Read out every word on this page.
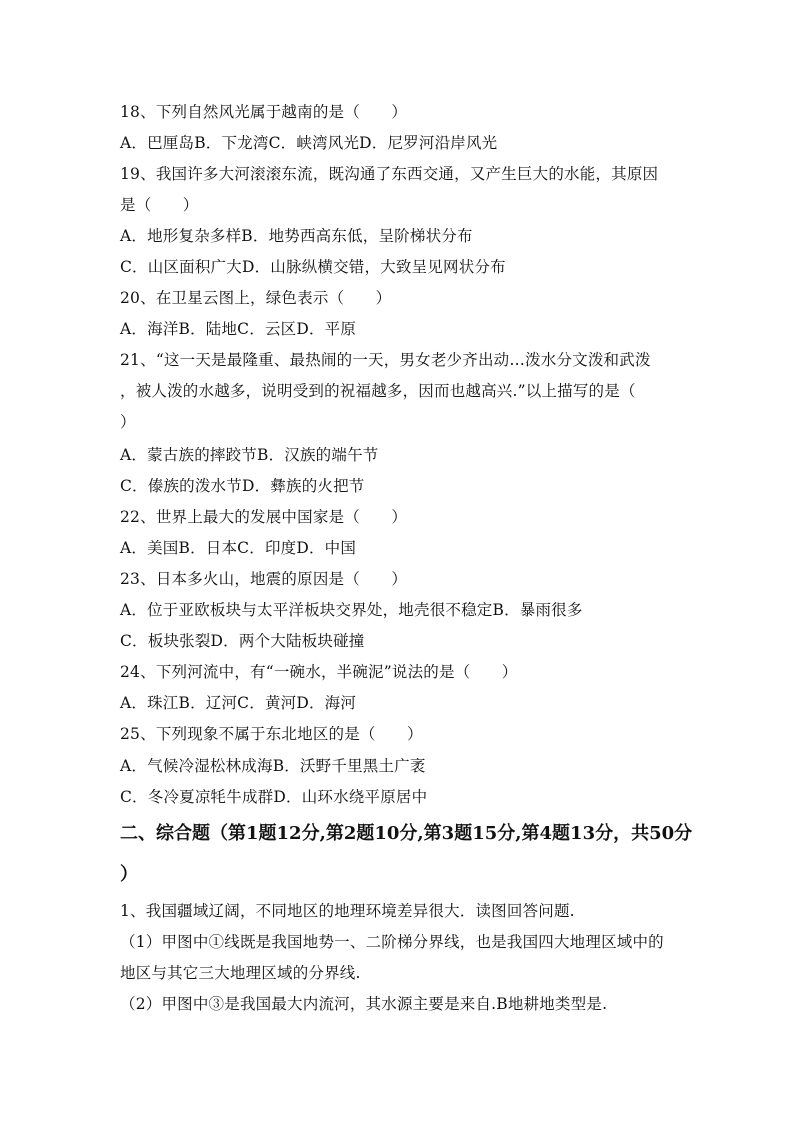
18、下列自然风光属于越南的是（　　）
A．巴厘岛B．下龙湾C．峡湾风光D．尼罗河沿岸风光
19、我国许多大河滚滚东流，既沟通了东西交通，又产生巨大的水能，其原因
是（　　）
A．地形复杂多样B．地势西高东低，呈阶梯状分布
C．山区面积广大D．山脉纵横交错，大致呈见网状分布
20、在卫星云图上，绿色表示（　　）
A．海洋B．陆地C．云区D．平原
21、“这一天是最隆重、最热闹的一天，男女老少齐出动…泼水分文泼和武泼
，被人泼的水越多，说明受到的祝福越多，因而也越高兴.”以上描写的是（
）
A．蒙古族的摔跤节B．汉族的端午节
C．傣族的泼水节D．彝族的火把节
22、世界上最大的发展中国家是（　　）
A．美国B．日本C．印度D．中国
23、日本多火山，地震的原因是（　　）
A．位于亚欧板块与太平洋板块交界处，地壳很不稳定B．暴雨很多
C．板块张裂D．两个大陆板块碰撞
24、下列河流中，有“一碗水，半碗泥”说法的是（　　）
A．珠江B．辽河C．黄河D．海河
25、下列现象不属于东北地区的是（　　）
A．气候冷湿松林成海B．沃野千里黑土广袤
C．冬冷夏凉牦牛成群D．山环水绕平原居中
二、综合题（第1题12分,第2题10分,第3题15分,第4题13分，共50分
）
1、我国疆域辽阔，不同地区的地理环境差异很大．读图回答问题.
（1）甲图中①线既是我国地势一、二阶梯分界线，也是我国四大地理区域中的
地区与其它三大地理区域的分界线.
（2）甲图中③是我国最大内流河，其水源主要是来自.B地耕地类型是.
